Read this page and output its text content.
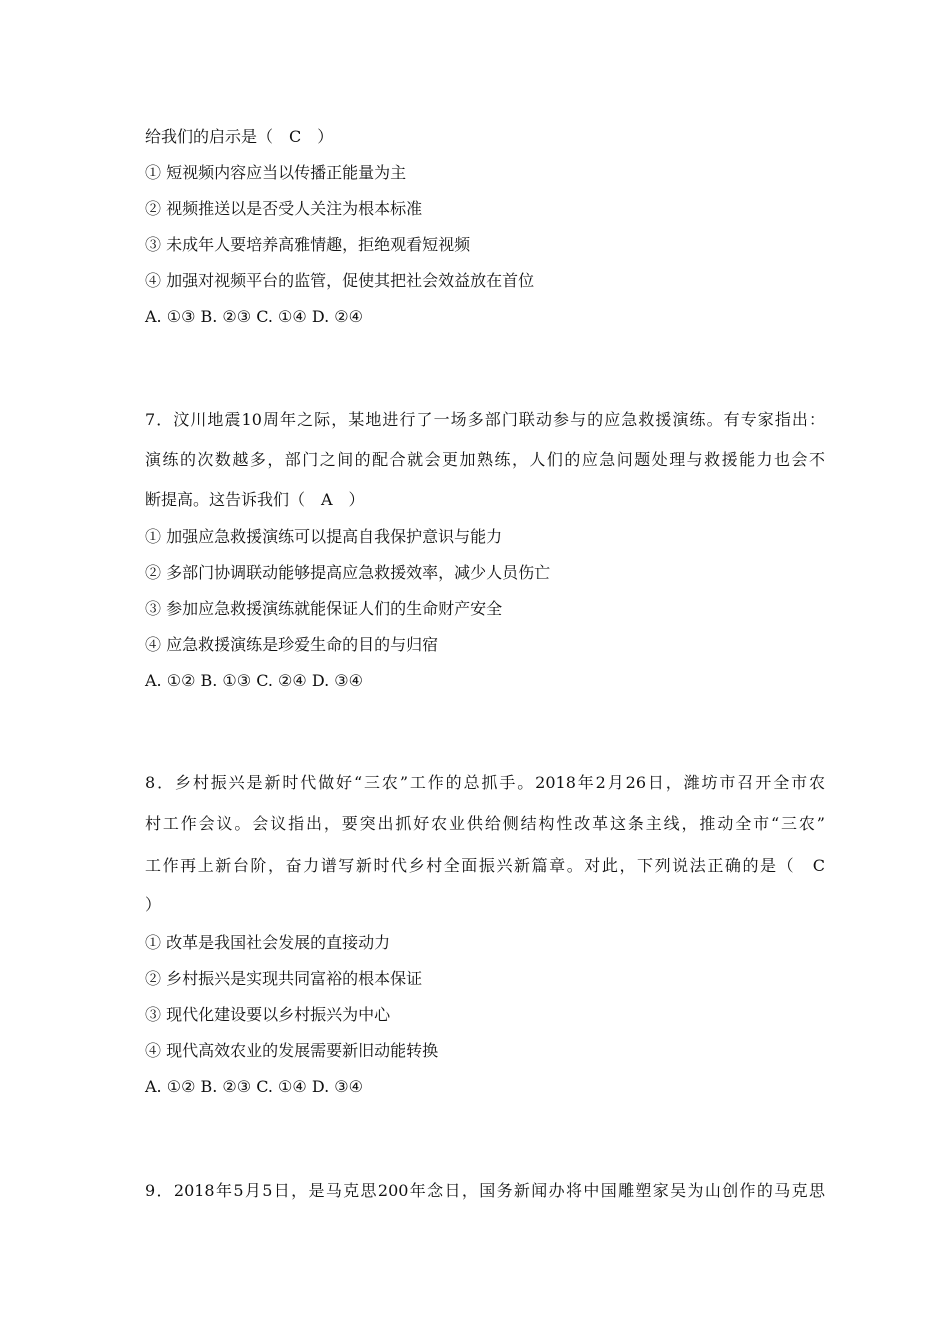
给我们的启示是（　C　）
① 短视频内容应当以传播正能量为主
② 视频推送以是否受人关注为根本标准
③ 未成年人要培养高雅情趣，拒绝观看短视频
④ 加强对视频平台的监管，促使其把社会效益放在首位
A. ①③ B. ②③ C. ①④ D. ②④
7．汶川地震10周年之际，某地进行了一场多部门联动参与的应急救援演练。有专家指出：
演练的次数越多，部门之间的配合就会更加熟练，人们的应急问题处理与救援能力也会不
断提高。这告诉我们（　A　）
① 加强应急救援演练可以提高自我保护意识与能力
② 多部门协调联动能够提高应急救援效率，减少人员伤亡
③ 参加应急救援演练就能保证人们的生命财产安全
④ 应急救援演练是珍爱生命的目的与归宿
A. ①② B. ①③ C. ②④ D. ③④
8．乡村振兴是新时代做好“三农”工作的总抓手。2018年2月26日，潍坊市召开全市农
村工作会议。会议指出，要突出抓好农业供给侧结构性改革这条主线，推动全市“三农”
工作再上新台阶，奋力谱写新时代乡村全面振兴新篇章。对此，下列说法正确的是（　C
）
① 改革是我国社会发展的直接动力
② 乡村振兴是实现共同富裕的根本保证
③ 现代化建设要以乡村振兴为中心
④ 现代高效农业的发展需要新旧动能转换
A. ①② B. ②③ C. ①④ D. ③④
9．2018年5月5日，是马克思200年念日，国务新闻办将中国雕塑家吴为山创作的马克思
